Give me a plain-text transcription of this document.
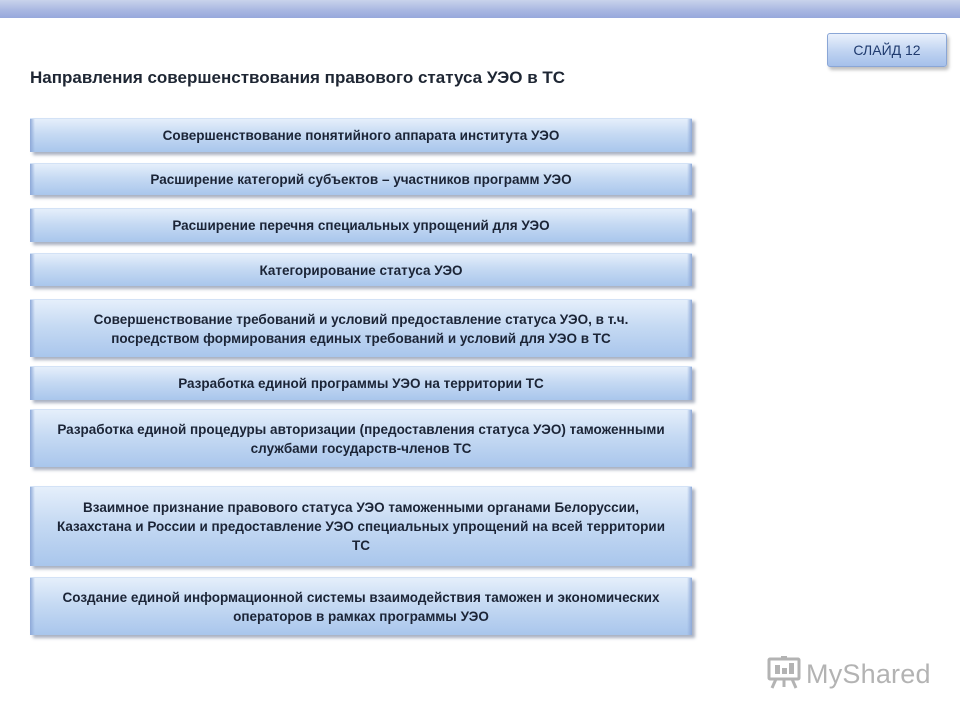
СЛАЙД 12
Направления совершенствования правового статуса УЭО в ТС
Совершенствование понятийного аппарата института УЭО
Расширение категорий субъектов – участников программ УЭО
Расширение перечня специальных упрощений для УЭО
Категорирование статуса УЭО
Совершенствование требований и условий предоставление статуса УЭО, в т.ч. посредством формирования единых требований и условий для УЭО в ТС
Разработка единой программы УЭО на территории ТС
Разработка единой процедуры авторизации (предоставления статуса УЭО) таможенными службами государств-членов ТС
Взаимное признание правового статуса УЭО таможенными органами Белоруссии, Казахстана и России и предоставление УЭО специальных упрощений на всей территории ТС
Создание единой информационной системы взаимодействия таможен и экономических операторов в рамках программы УЭО
MyShared
